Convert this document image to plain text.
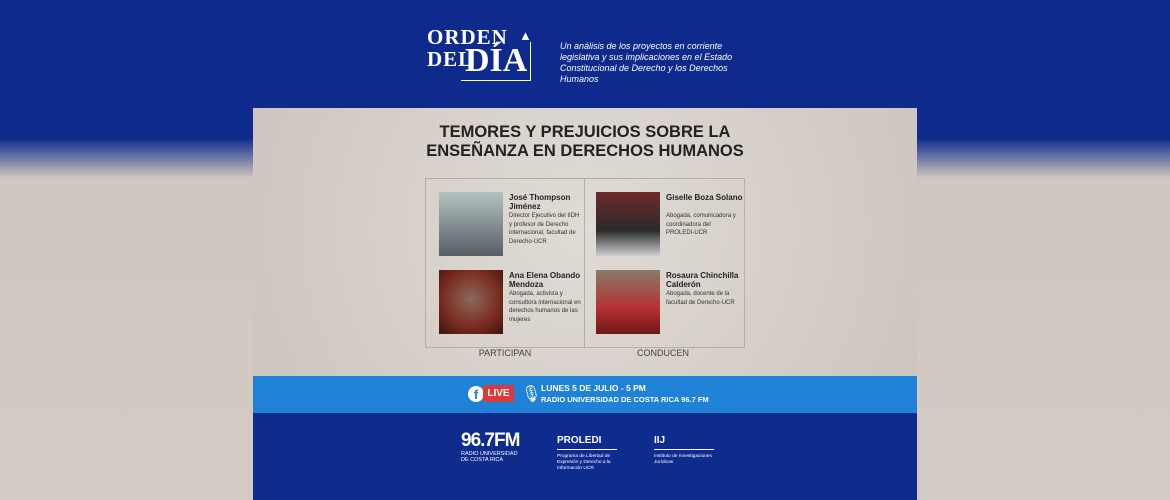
ORDEN
DEL
DÍA
▲
Un análisis de los proyectos en corriente legislativa y sus implicaciones en el Estado Constitucional de Derecho y los Derechos Humanos
TEMORES Y PREJUICIOS SOBRE LA
ENSEÑANZA EN DERECHOS HUMANOS
José Thompson Jiménez
Director Ejecutivo del IIDH y profesor de Derecho internacional, facultad de Derecho-UCR
Ana Elena Obando Mendoza
Abogada, activista y consultora internacional en derechos humanos de las mujeres
Giselle Boza Solano
Abogada, comunicadora y coordinadora del PROLEDI-UCR
Rosaura Chinchilla Calderón
Abogada, docente de la facultad de Derecho-UCR
PARTICIPAN	CONDUCEN
f LIVE 🎙 LUNES 5 DE JULIO - 5 PM
RADIO UNIVERSIDAD DE COSTA RICA 96.7 FM
96.7FM
RADIO UNIVERSIDAD DE COSTA RICA
PROLEDI
Programa de Libertad de Expresión y Derecho a la Información UCR
IIJ
Instituto de Investigaciones Jurídicas
